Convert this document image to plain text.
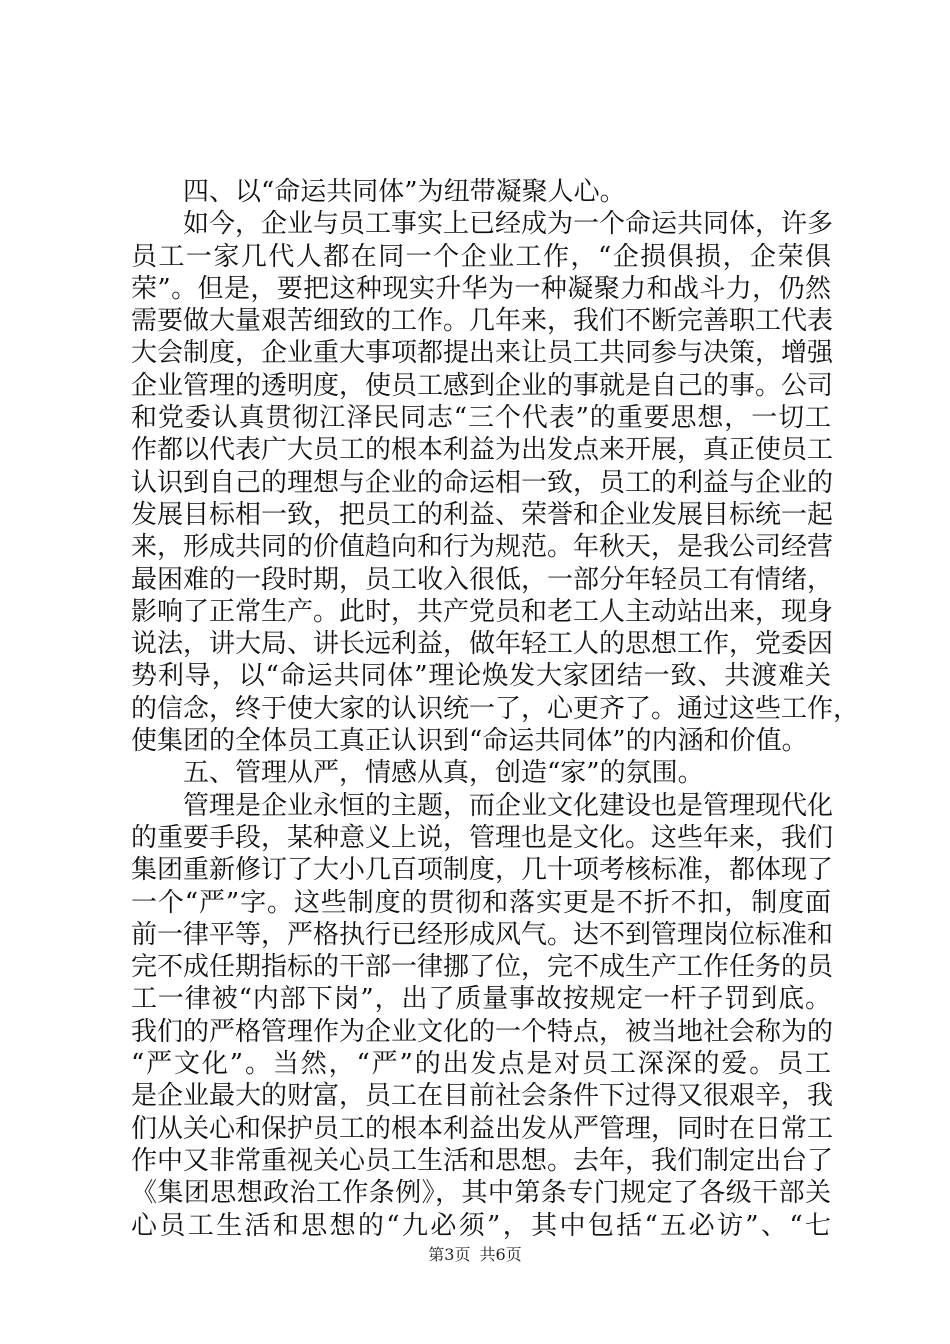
四、以“命运共同体”为纽带凝聚人心。
如今，企业与员工事实上已经成为一个命运共同体，许多
员工一家几代人都在同一个企业工作，“企损俱损，企荣俱
荣”。但是，要把这种现实升华为一种凝聚力和战斗力，仍然
需要做大量艰苦细致的工作。几年来，我们不断完善职工代表
大会制度，企业重大事项都提出来让员工共同参与决策，增强
企业管理的透明度，使员工感到企业的事就是自己的事。公司
和党委认真贯彻江泽民同志“三个代表”的重要思想，一切工
作都以代表广大员工的根本利益为出发点来开展，真正使员工
认识到自己的理想与企业的命运相一致，员工的利益与企业的
发展目标相一致，把员工的利益、荣誉和企业发展目标统一起
来，形成共同的价值趋向和行为规范。年秋天，是我公司经营
最困难的一段时期，员工收入很低，一部分年轻员工有情绪，
影响了正常生产。此时，共产党员和老工人主动站出来，现身
说法，讲大局、讲长远利益，做年轻工人的思想工作，党委因
势利导，以“命运共同体”理论焕发大家团结一致、共渡难关
的信念，终于使大家的认识统一了，心更齐了。通过这些工作，
使集团的全体员工真正认识到“命运共同体”的内涵和价值。
五、管理从严，情感从真，创造“家”的氛围。
管理是企业永恒的主题，而企业文化建设也是管理现代化
的重要手段，某种意义上说，管理也是文化。这些年来，我们
集团重新修订了大小几百项制度，几十项考核标准，都体现了
一个“严”字。这些制度的贯彻和落实更是不折不扣，制度面
前一律平等，严格执行已经形成风气。达不到管理岗位标准和
完不成任期指标的干部一律挪了位，完不成生产工作任务的员
工一律被“内部下岗”，出了质量事故按规定一杆子罚到底。
我们的严格管理作为企业文化的一个特点，被当地社会称为的
“严文化”。当然，“严”的出发点是对员工深深的爱。员工
是企业最大的财富，员工在目前社会条件下过得又很艰辛，我
们从关心和保护员工的根本利益出发从严管理，同时在日常工
作中又非常重视关心员工生活和思想。去年，我们制定出台了
《集团思想政治工作条例》，其中第条专门规定了各级干部关
心员工生活和思想的“九必须”，其中包括“五必访”、“七
第3页 共6页
